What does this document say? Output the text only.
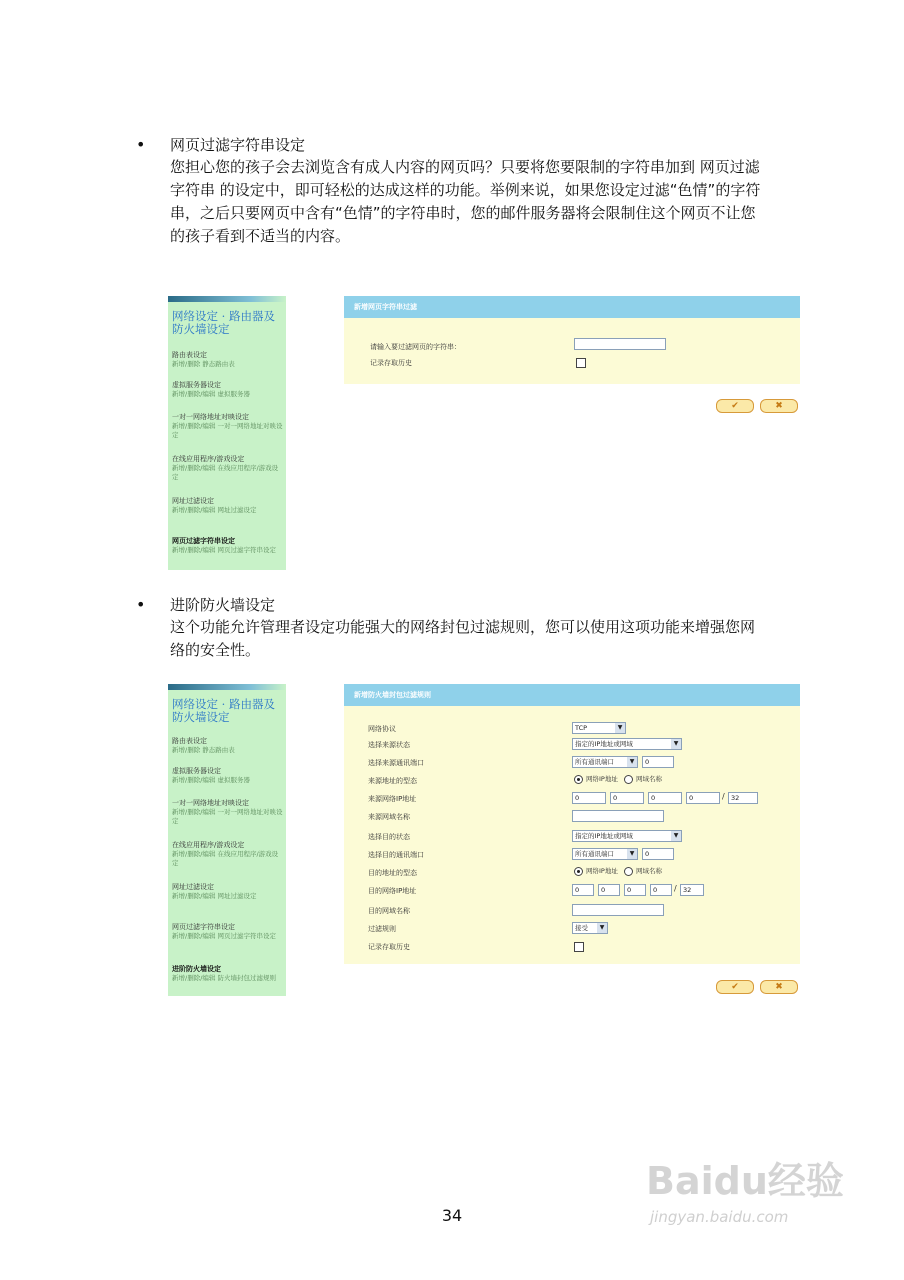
• 网页过滤字符串设定

您担心您的孩子会去浏览含有成人内容的网页吗？只要将您要限制的字符串加到 网页过滤字符串 的设定中，即可轻松的达成这样的功能。举例来说，如果您设定过滤“色情”的字符串，之后只要网页中含有“色情”的字符串时，您的邮件服务器将会限制住这个网页不让您的孩子看到不适当的内容。

网络设定 · 路由器及防火墙设定
路由表设定
新增/删除 静态路由表
虚拟服务器设定
新增/删除/编辑 虚拟服务器
一对一网络地址对映设定
新增/删除/编辑 一对一网络地址对映设定
在线应用程序/游戏设定
新增/删除/编辑 在线应用程序/游戏设定
网址过滤设定
新增/删除/编辑 网址过滤设定
网页过滤字符串设定
新增/删除/编辑 网页过滤字符串设定
新增网页字符串过滤
请输入要过滤网页的字符串：
记录存取历史
✔	✖
• 进阶防火墙设定

这个功能允许管理者设定功能强大的网络封包过滤规则，您可以使用这项功能来增强您网络的安全性。

网络设定 · 路由器及防火墙设定
路由表设定
新增/删除 静态路由表
虚拟服务器设定
新增/删除/编辑 虚拟服务器
一对一网络地址对映设定
新增/删除/编辑 一对一网络地址对映设定
在线应用程序/游戏设定
新增/删除/编辑 在线应用程序/游戏设定
网址过滤设定
新增/删除/编辑 网址过滤设定
网页过滤字符串设定
新增/删除/编辑 网页过滤字符串设定
进阶防火墙设定
新增/删除/编辑 防火墙封包过滤规则
新增防火墙封包过滤规则
网络协议	TCP	▼
选择来源状态	指定的IP地址或网域	▼
选择来源通讯端口	所有通讯端口	▼	0
来源地址的型态	网络IP地址	网域名称
来源网络IP地址	0	0	0	0	/ 32
来源网域名称
选择目的状态	指定的IP地址或网域	▼
选择目的通讯端口	所有通讯端口	▼	0
目的地址的型态	网络IP地址	网域名称
目的网络IP地址	0	0	0	0	/ 32
目的网域名称
过滤规则	接受	▼
记录存取历史
✔	✖
34
Baidu经验
jingyan.baidu.com
